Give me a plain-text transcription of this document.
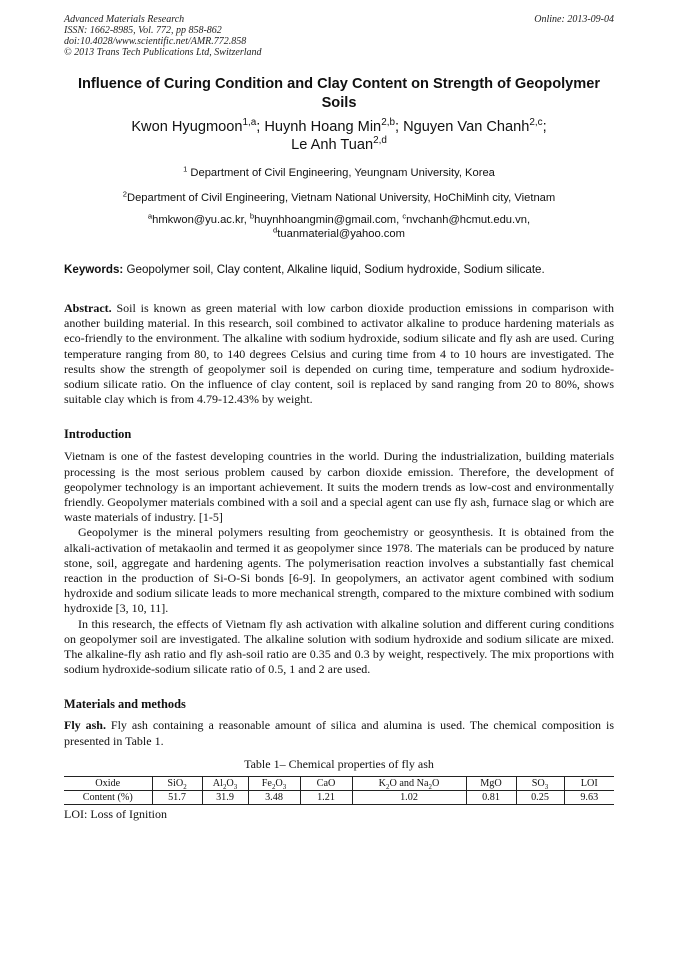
Advanced Materials Research
ISSN: 1662-8985, Vol. 772, pp 858-862
doi:10.4028/www.scientific.net/AMR.772.858
© 2013 Trans Tech Publications Ltd, Switzerland
Online: 2013-09-04
Influence of Curing Condition and Clay Content on Strength of Geopolymer Soils
Kwon Hyugmoon$^{1,a}$; Huynh Hoang Min$^{2,b}$; Nguyen Van Chanh$^{2,c}$;
Le Anh Tuan$^{2,d}$
$^1$ Department of Civil Engineering, Yeungnam University, Korea
$^2$Department of Civil Engineering, Vietnam National University, HoChiMinh city, Vietnam
$^a$hmkwon@yu.ac.kr, $^b$huynhhoangmin@gmail.com, $^c$nvchanh@hcmut.edu.vn,
$^d$tuanmaterial@yahoo.com
Keywords: Geopolymer soil, Clay content, Alkaline liquid, Sodium hydroxide, Sodium silicate.

Abstract. Soil is known as green material with low carbon dioxide production emissions in comparison with another building material. In this research, soil combined to activator alkaline to produce hardening materials as eco-friendly to the environment. The alkaline with sodium hydroxide, sodium silicate and fly ash are used. Curing temperature ranging from 80, to 140 degrees Celsius and curing time from 4 to 10 hours are investigated. The results show the strength of geopolymer soil is depended on curing time, temperature and sodium hydroxide-sodium silicate ratio. On the influence of clay content, soil is replaced by sand ranging from 20 to 80%, shows suitable clay which is from 4.79-12.43% by weight.

Introduction

Vietnam is one of the fastest developing countries in the world. During the industrialization, building materials processing is the most serious problem caused by carbon dioxide emission. Therefore, the development of geopolymer technology is an important achievement. It suits the modern trends as low-cost and environmentally friendly. Geopolymer materials combined with a soil and a special agent can use fly ash, furnace slag or which are waste materials of industry. [1-5]

Geopolymer is the mineral polymers resulting from geochemistry or geosynthesis. It is obtained from the alkali-activation of metakaolin and termed it as geopolymer since 1978. The materials can be produced by nature stone, soil, aggregate and hardening agents. The polymerisation reaction involves a substantially fast chemical reaction in the production of Si-O-Si bonds [6-9]. In geopolymers, an activator agent combined with sodium hydroxide and sodium silicate leads to more mechanical strength, compared to the mixture combined with sodium hydroxide [3, 10, 11].

In this research, the effects of Vietnam fly ash activation with alkaline solution and different curing conditions on geopolymer soil are investigated. The alkaline solution with sodium hydroxide and sodium silicate are mixed. The alkaline-fly ash ratio and fly ash-soil ratio are 0.35 and 0.3 by weight, respectively. The mix proportions with sodium hydroxide-sodium silicate ratio of 0.5, 1 and 2 are used.

Materials and methods

Fly ash. Fly ash containing a reasonable amount of silica and alumina is used. The chemical composition is presented in Table 1.

Table 1– Chemical properties of fly ash
Oxide	SiO$_2$	$Al_2O_3$	$Fe_2O_3$	CaO	$K_2O$ and $Na_2O$	MgO	$SO_3$	LOI
Content (%)	51.7	31.9	3.48	1.21	1.02	0.81	0.25	9.63
LOI: Loss of Ignition
